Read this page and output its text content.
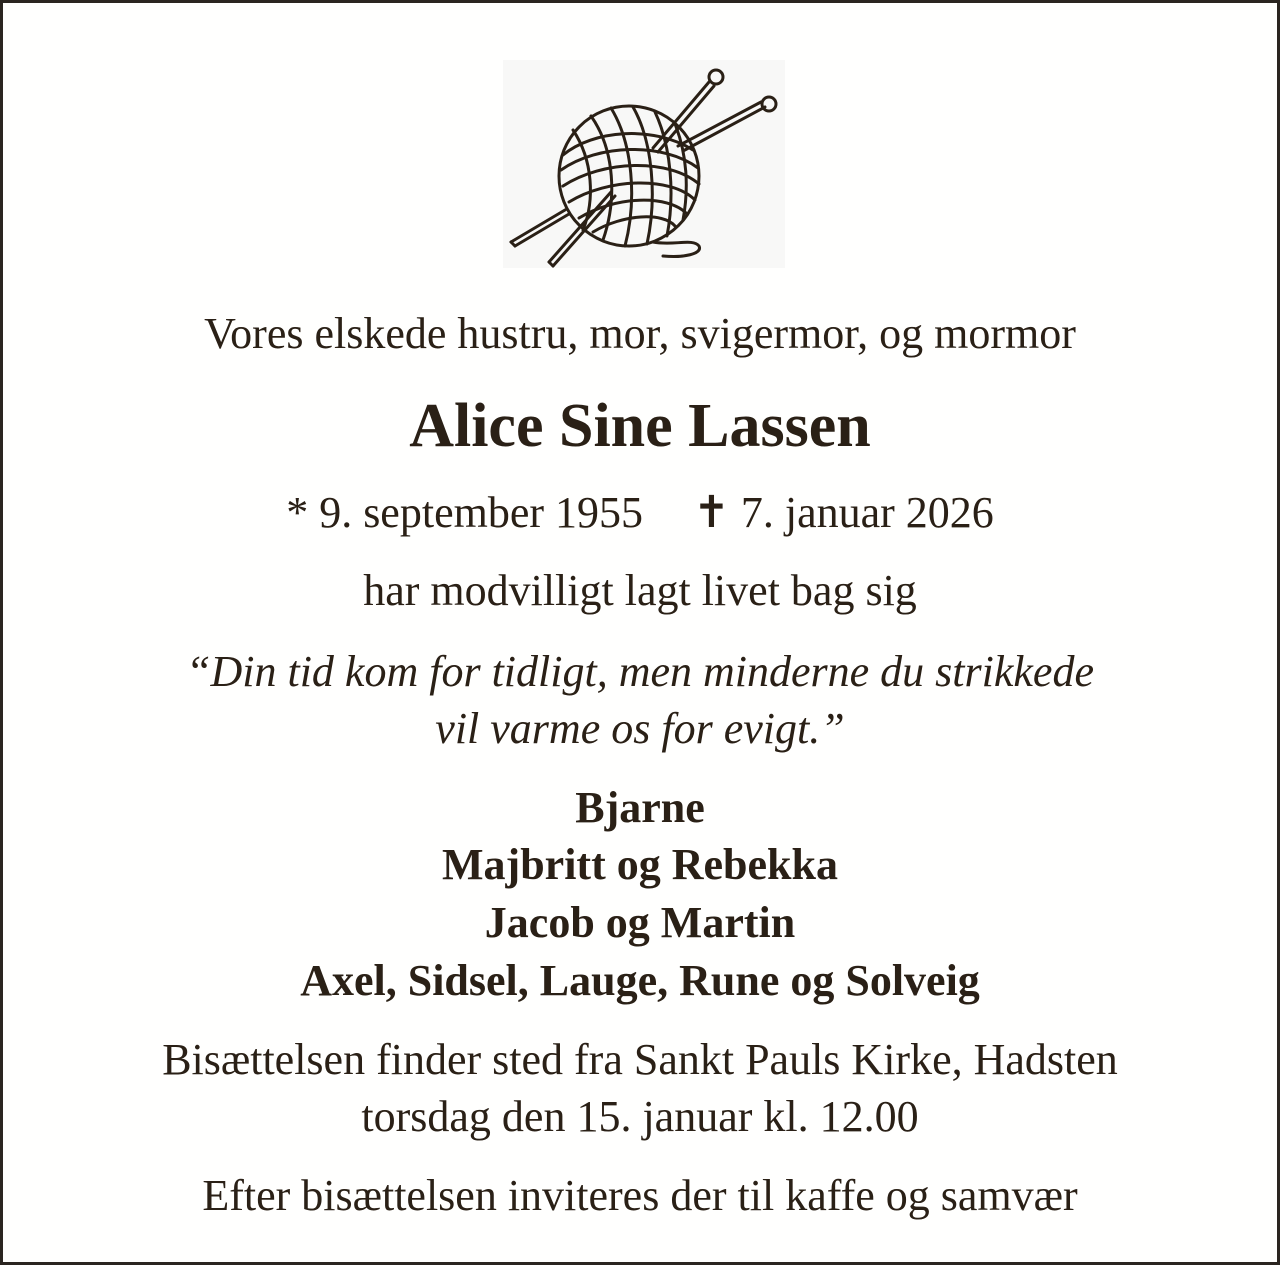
Vores elskede hustru, mor, svigermor, og mormor
Alice Sine Lassen
* 9. september 1955 ✝ 7. januar 2026
har modvilligt lagt livet bag sig
“Din tid kom for tidligt, men minderne du strikkede
vil varme os for evigt.”
Bjarne
Majbritt og Rebekka
Jacob og Martin
Axel, Sidsel, Lauge, Rune og Solveig
Bisættelsen finder sted fra Sankt Pauls Kirke, Hadsten
torsdag den 15. januar kl. 12.00
Efter bisættelsen inviteres der til kaffe og samvær
